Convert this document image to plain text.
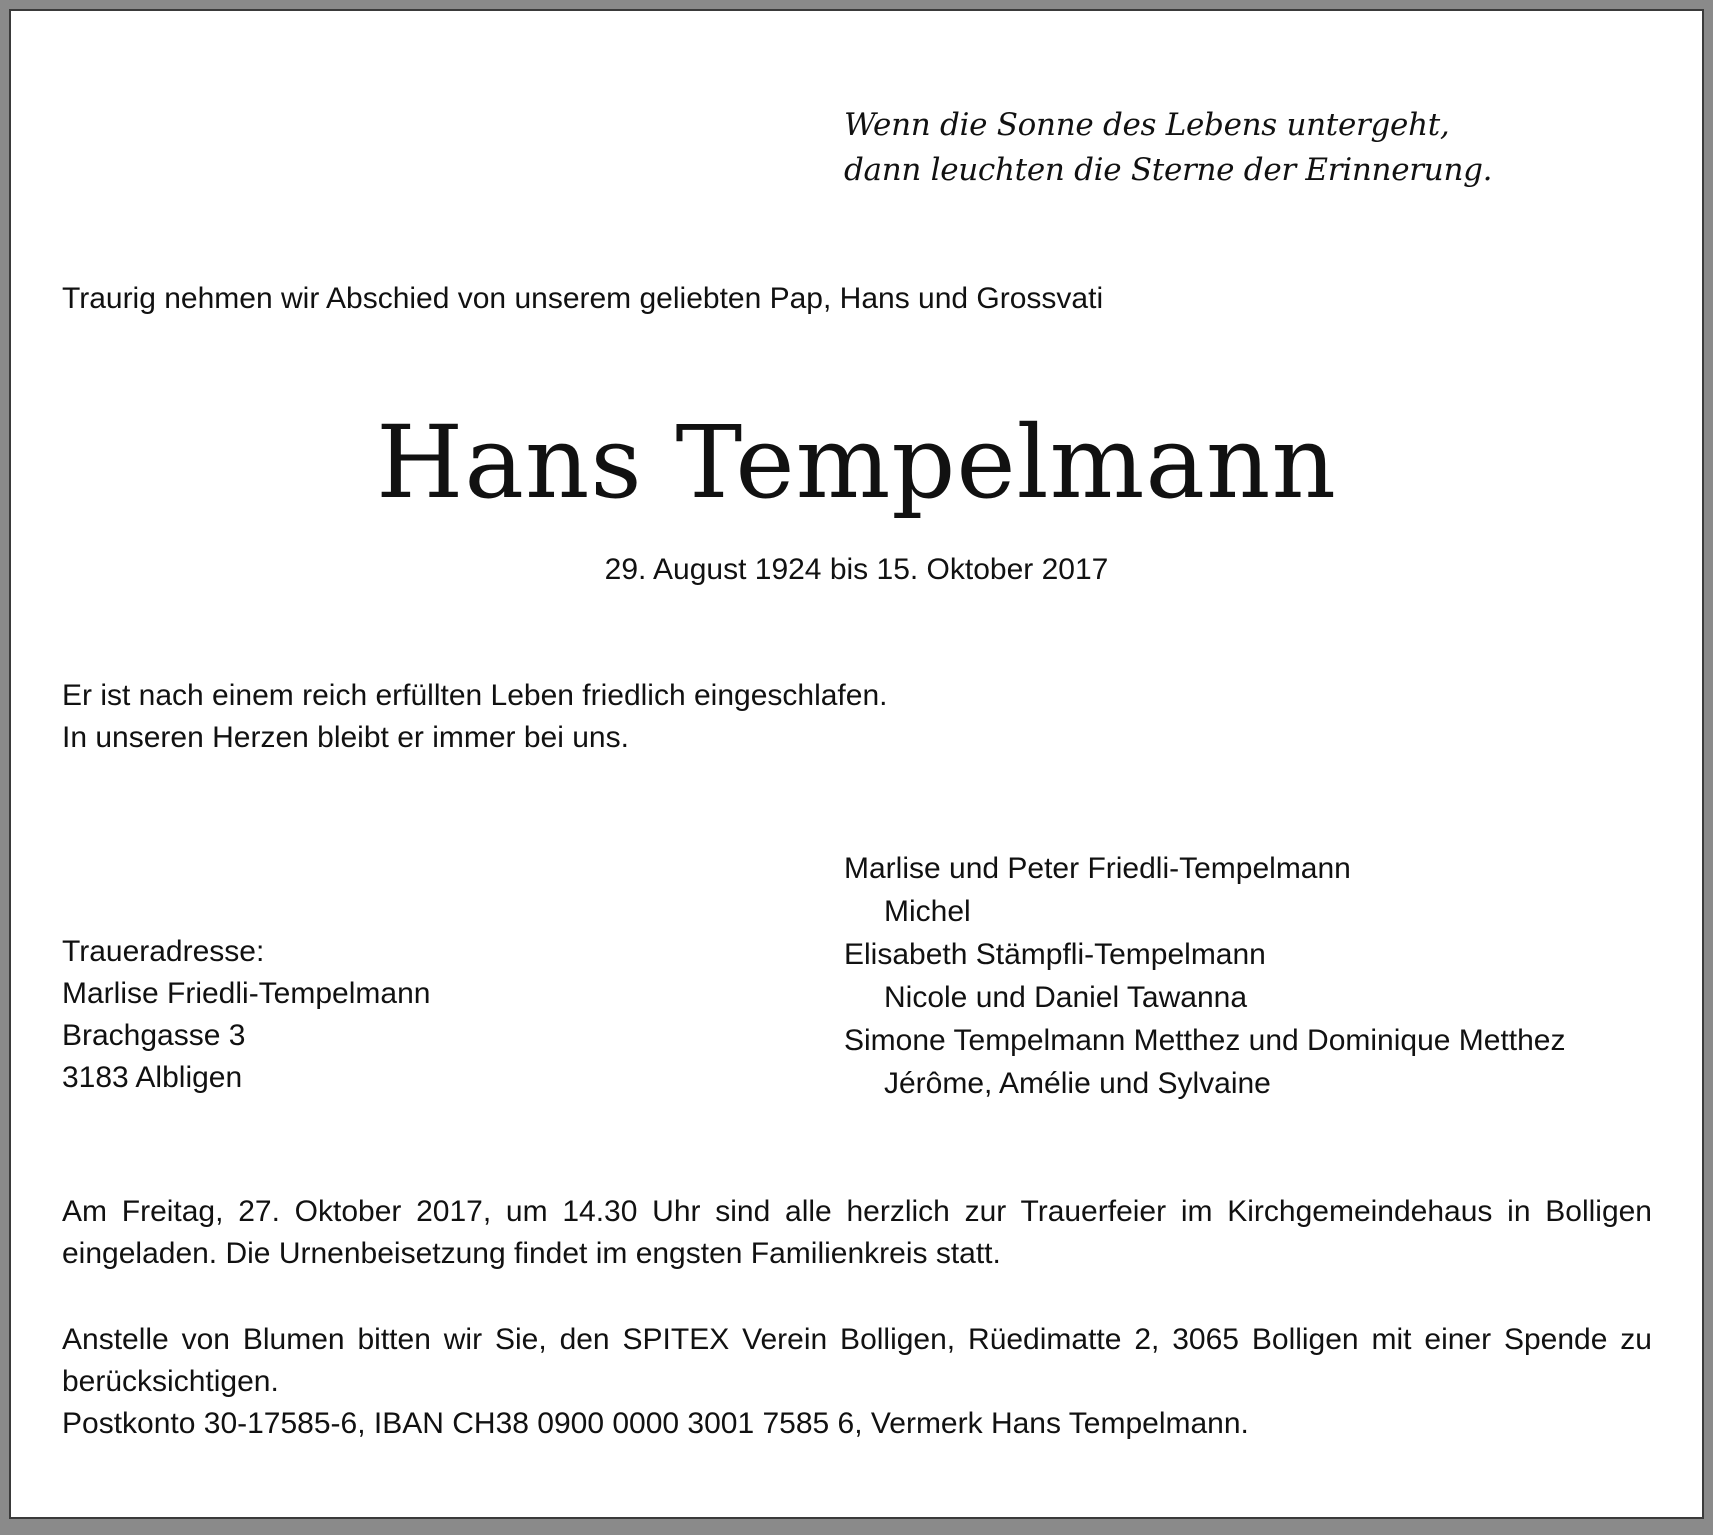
Wenn die Sonne des Lebens untergeht,
dann leuchten die Sterne der Erinnerung.
Traurig nehmen wir Abschied von unserem geliebten Pap, Hans und Grossvati
Hans Tempelmann
29. August 1924 bis 15. Oktober 2017
Er ist nach einem reich erfüllten Leben friedlich eingeschlafen.
In unseren Herzen bleibt er immer bei uns.
Traueradresse:
Marlise Friedli-Tempelmann
Brachgasse 3
3183 Albligen
Marlise und Peter Friedli-Tempelmann
Michel
Elisabeth Stämpfli-Tempelmann
Nicole und Daniel Tawanna
Simone Tempelmann Metthez und Dominique Metthez
Jérôme, Amélie und Sylvaine

Am Freitag, 27. Oktober 2017, um 14.30 Uhr sind alle herzlich zur Trauerfeier im Kirchgemeindehaus in Bolligen eingeladen. Die Urnenbeisetzung findet im engsten Familienkreis statt.

Anstelle von Blumen bitten wir Sie, den SPITEX Verein Bolligen, Rüedimatte 2, 3065 Bolligen mit einer Spende zu berücksichtigen.

Postkonto 30-17585-6, IBAN CH38 0900 0000 3001 7585 6, Vermerk Hans Tempelmann.
